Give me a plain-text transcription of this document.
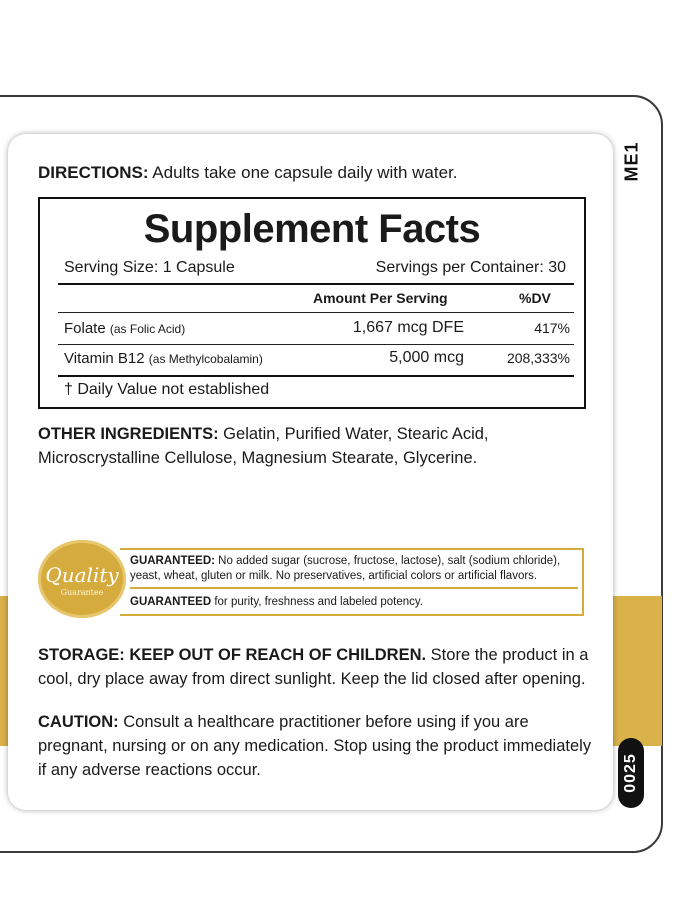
ME1
0025
DIRECTIONS: Adults take one capsule daily with water.
Supplement Facts
Serving Size: 1 Capsule	Servings per Container: 30
Amount Per Serving	%DV
Folate (as Folic Acid)	1,667 mcg DFE	417%
Vitamin B12 (as Methylcobalamin)	5,000 mcg	208,333%
† Daily Value not established
OTHER INGREDIENTS: Gelatin, Purified Water, Stearic Acid, Microscrystalline Cellulose, Magnesium Stearate, Glycerine.
Quality
Guarantee
GUARANTEED: No added sugar (sucrose, fructose, lactose), salt (sodium chloride), yeast, wheat, gluten or milk. No preservatives, artificial colors or artificial flavors.
GUARANTEED for purity, freshness and labeled potency.
STORAGE: KEEP OUT OF REACH OF CHILDREN. Store the product in a cool, dry place away from direct sunlight. Keep the lid closed after opening.
CAUTION: Consult a healthcare practitioner before using if you are pregnant, nursing or on any medication. Stop using the product immediately if any adverse reactions occur.
